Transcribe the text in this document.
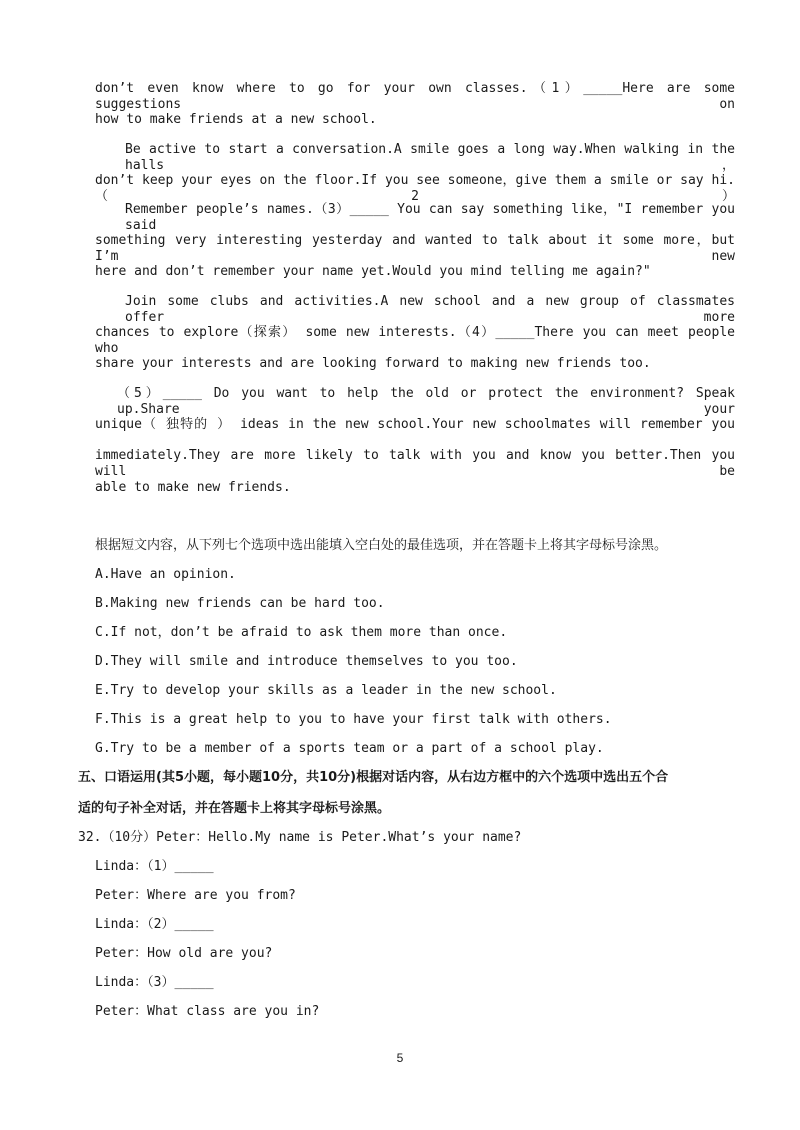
don’t even know where to go for your own classes.（1）_____Here are some suggestions on
how to make friends at a new school.
Be active to start a conversation.A smile goes a long way.When walking in the halls，
don’t keep your eyes on the floor.If you see someone，give them a smile or say hi.（2）
Remember people’s names.（3）_____ You can say something like，"I remember you said
something very interesting yesterday and wanted to talk about it some more，but I’m new
here and don’t remember your name yet.Would you mind telling me again?"
Join some clubs and activities.A new school and a new group of classmates offer more
chances to explore（探索） some new interests.（4）_____There you can meet people who
share your interests and are looking forward to making new friends too.
（5）_____ Do you want to help the old or protect the environment? Speak up.Share your
unique（ 独特的 ） ideas in the new school.Your new schoolmates will remember you
immediately.They are more likely to talk with you and know you better.Then you will be
able to make new friends.
根据短文内容，从下列七个选项中选出能填入空白处的最佳选项，并在答题卡上将其字母标号涂黑。
A.Have an opinion.
B.Making new friends can be hard too.
C.If not，don’t be afraid to ask them more than once.
D.They will smile and introduce themselves to you too.
E.Try to develop your skills as a leader in the new school.
F.This is a great help to you to have your first talk with others.
G.Try to be a member of a sports team or a part of a school play.
五、口语运用(其5小题，每小题10分，共10分)根据对话内容，从右边方框中的六个选项中选出五个合
适的句子补全对话，并在答题卡上将其字母标号涂黑。
32.（10分）Peter：Hello.My name is Peter.What’s your name?
Linda：（1）_____
Peter：Where are you from?
Linda：（2）_____
Peter：How old are you?
Linda：（3）_____
Peter：What class are you in?
5
